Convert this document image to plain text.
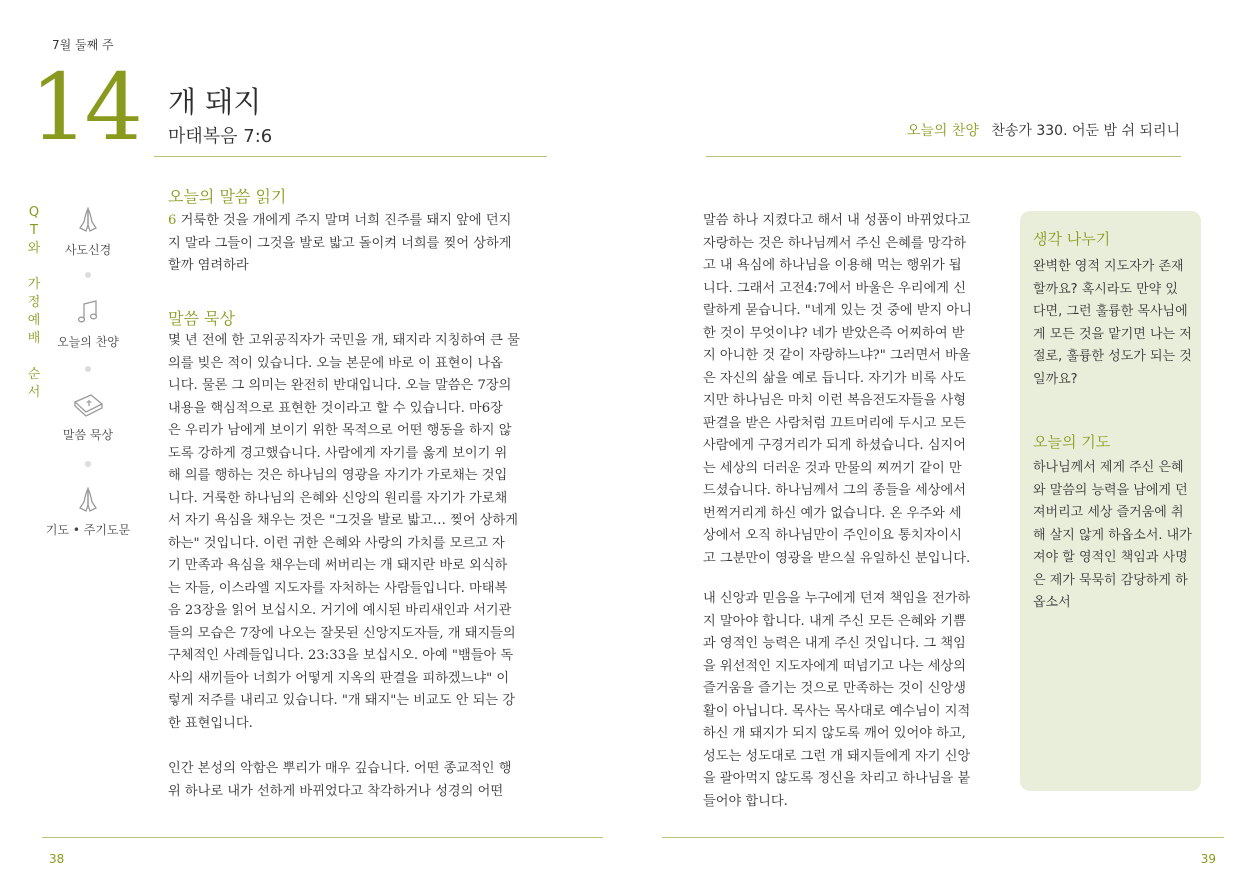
7월 둘째 주
14 개 돼지
마태복음 7:6	오늘의 찬양 찬송가 330. 어둔 밤 쉬 되리니
Q
T
와
가
정
예
배
순
서
사도신경
오늘의 찬양
말씀 묵상
기도 • 주기도문
오늘의 말씀 읽기
6 거룩한 것을 개에게 주지 말며 너희 진주를 돼지 앞에 던지
지 말라 그들이 그것을 발로 밟고 돌이켜 너희를 찢어 상하게
할까 염려하라
말씀 묵상
몇 년 전에 한 고위공직자가 국민을 개, 돼지라 지칭하여 큰 물
의를 빚은 적이 있습니다. 오늘 본문에 바로 이 표현이 나옵
니다. 물론 그 의미는 완전히 반대입니다. 오늘 말씀은 7장의
내용을 핵심적으로 표현한 것이라고 할 수 있습니다. 마6장
은 우리가 남에게 보이기 위한 목적으로 어떤 행동을 하지 않
도록 강하게 경고했습니다. 사람에게 자기를 옳게 보이기 위
해 의를 행하는 것은 하나님의 영광을 자기가 가로채는 것입
니다. 거룩한 하나님의 은혜와 신앙의 원리를 자기가 가로채
서 자기 욕심을 채우는 것은 "그것을 발로 밟고… 찢어 상하게
하는" 것입니다. 이런 귀한 은혜와 사랑의 가치를 모르고 자
기 만족과 욕심을 채우는데 써버리는 개 돼지란 바로 외식하
는 자들, 이스라엘 지도자를 자처하는 사람들입니다. 마태복
음 23장을 읽어 보십시오. 거기에 예시된 바리새인과 서기관
들의 모습은 7장에 나오는 잘못된 신앙지도자들, 개 돼지들의
구체적인 사례들입니다. 23:33을 보십시오. 아예 "뱀들아 독
사의 새끼들아 너희가 어떻게 지옥의 판결을 피하겠느냐" 이
렇게 저주를 내리고 있습니다. "개 돼지"는 비교도 안 되는 강
한 표현입니다.
인간 본성의 악함은 뿌리가 매우 깊습니다. 어떤 종교적인 행
위 하나로 내가 선하게 바뀌었다고 착각하거나 성경의 어떤
말씀 하나 지켰다고 해서 내 성품이 바뀌었다고
자랑하는 것은 하나님께서 주신 은혜를 망각하
고 내 욕심에 하나님을 이용해 먹는 행위가 됩
니다. 그래서 고전4:7에서 바울은 우리에게 신
랄하게 묻습니다. "네게 있는 것 중에 받지 아니
한 것이 무엇이냐? 네가 받았은즉 어찌하여 받
지 아니한 것 같이 자랑하느냐?" 그러면서 바울
은 자신의 삶을 예로 듭니다. 자기가 비록 사도
지만 하나님은 마치 이런 복음전도자들을 사형
판결을 받은 사람처럼 끄트머리에 두시고 모든
사람에게 구경거리가 되게 하셨습니다. 심지어
는 세상의 더러운 것과 만물의 찌꺼기 같이 만
드셨습니다. 하나님께서 그의 종들을 세상에서
번쩍거리게 하신 예가 없습니다. 온 우주와 세
상에서 오직 하나님만이 주인이요 통치자이시
고 그분만이 영광을 받으실 유일하신 분입니다.
내 신앙과 믿음을 누구에게 던져 책임을 전가하
지 말아야 합니다. 내게 주신 모든 은혜와 기쁨
과 영적인 능력은 내게 주신 것입니다. 그 책임
을 위선적인 지도자에게 떠넘기고 나는 세상의
즐거움을 즐기는 것으로 만족하는 것이 신앙생
활이 아닙니다. 목사는 목사대로 예수님이 지적
하신 개 돼지가 되지 않도록 깨어 있어야 하고,
성도는 성도대로 그런 개 돼지들에게 자기 신앙
을 괄아먹지 않도록 정신을 차리고 하나님을 붙
들어야 합니다.
생각 나누기
완벽한 영적 지도자가 존재
할까요? 혹시라도 만약 있
다면, 그런 훌륭한 목사님에
게 모든 것을 맡기면 나는 저
절로, 훌륭한 성도가 되는 것
일까요?
오늘의 기도
하나님께서 제게 주신 은혜
와 말씀의 능력을 남에게 던
져버리고 세상 즐거움에 취
해 살지 않게 하옵소서. 내가
져야 할 영적인 책임과 사명
은 제가 묵묵히 감당하게 하
옵소서
38	39
